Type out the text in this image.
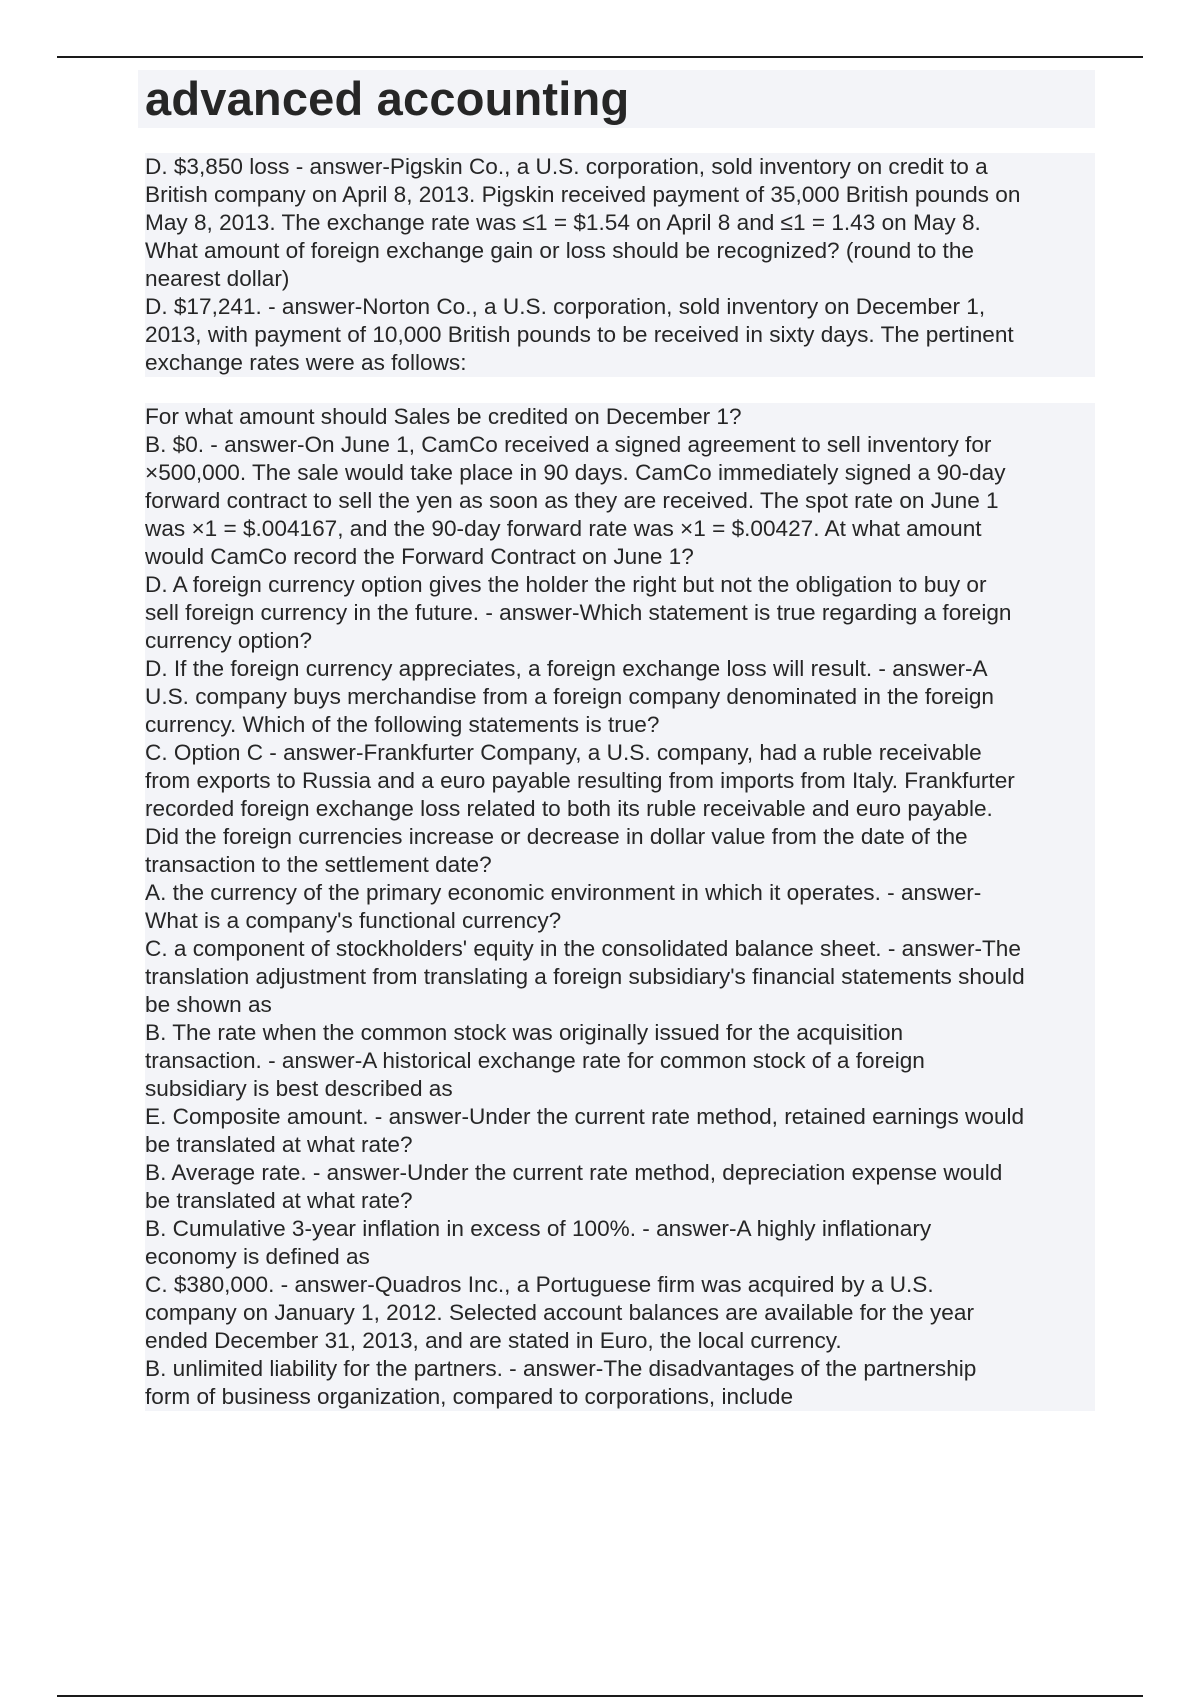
advanced accounting
D. $3,850 loss - answer-Pigskin Co., a U.S. corporation, sold inventory on credit to a
British company on April 8, 2013. Pigskin received payment of 35,000 British pounds on
May 8, 2013. The exchange rate was ≤1 = $1.54 on April 8 and ≤1 = 1.43 on May 8.
What amount of foreign exchange gain or loss should be recognized? (round to the
nearest dollar)
D. $17,241. - answer-Norton Co., a U.S. corporation, sold inventory on December 1,
2013, with payment of 10,000 British pounds to be received in sixty days. The pertinent
exchange rates were as follows:
For what amount should Sales be credited on December 1?
B. $0. - answer-On June 1, CamCo received a signed agreement to sell inventory for
×500,000. The sale would take place in 90 days. CamCo immediately signed a 90-day
forward contract to sell the yen as soon as they are received. The spot rate on June 1
was ×1 = $.004167, and the 90-day forward rate was ×1 = $.00427. At what amount
would CamCo record the Forward Contract on June 1?
D. A foreign currency option gives the holder the right but not the obligation to buy or
sell foreign currency in the future. - answer-Which statement is true regarding a foreign
currency option?
D. If the foreign currency appreciates, a foreign exchange loss will result. - answer-A
U.S. company buys merchandise from a foreign company denominated in the foreign
currency. Which of the following statements is true?
C. Option C - answer-Frankfurter Company, a U.S. company, had a ruble receivable
from exports to Russia and a euro payable resulting from imports from Italy. Frankfurter
recorded foreign exchange loss related to both its ruble receivable and euro payable.
Did the foreign currencies increase or decrease in dollar value from the date of the
transaction to the settlement date?
A. the currency of the primary economic environment in which it operates. - answer-
What is a company's functional currency?
C. a component of stockholders' equity in the consolidated balance sheet. - answer-The
translation adjustment from translating a foreign subsidiary's financial statements should
be shown as
B. The rate when the common stock was originally issued for the acquisition
transaction. - answer-A historical exchange rate for common stock of a foreign
subsidiary is best described as
E. Composite amount. - answer-Under the current rate method, retained earnings would
be translated at what rate?
B. Average rate. - answer-Under the current rate method, depreciation expense would
be translated at what rate?
B. Cumulative 3-year inflation in excess of 100%. - answer-A highly inflationary
economy is defined as
C. $380,000. - answer-Quadros Inc., a Portuguese firm was acquired by a U.S.
company on January 1, 2012. Selected account balances are available for the year
ended December 31, 2013, and are stated in Euro, the local currency.
B. unlimited liability for the partners. - answer-The disadvantages of the partnership
form of business organization, compared to corporations, include
